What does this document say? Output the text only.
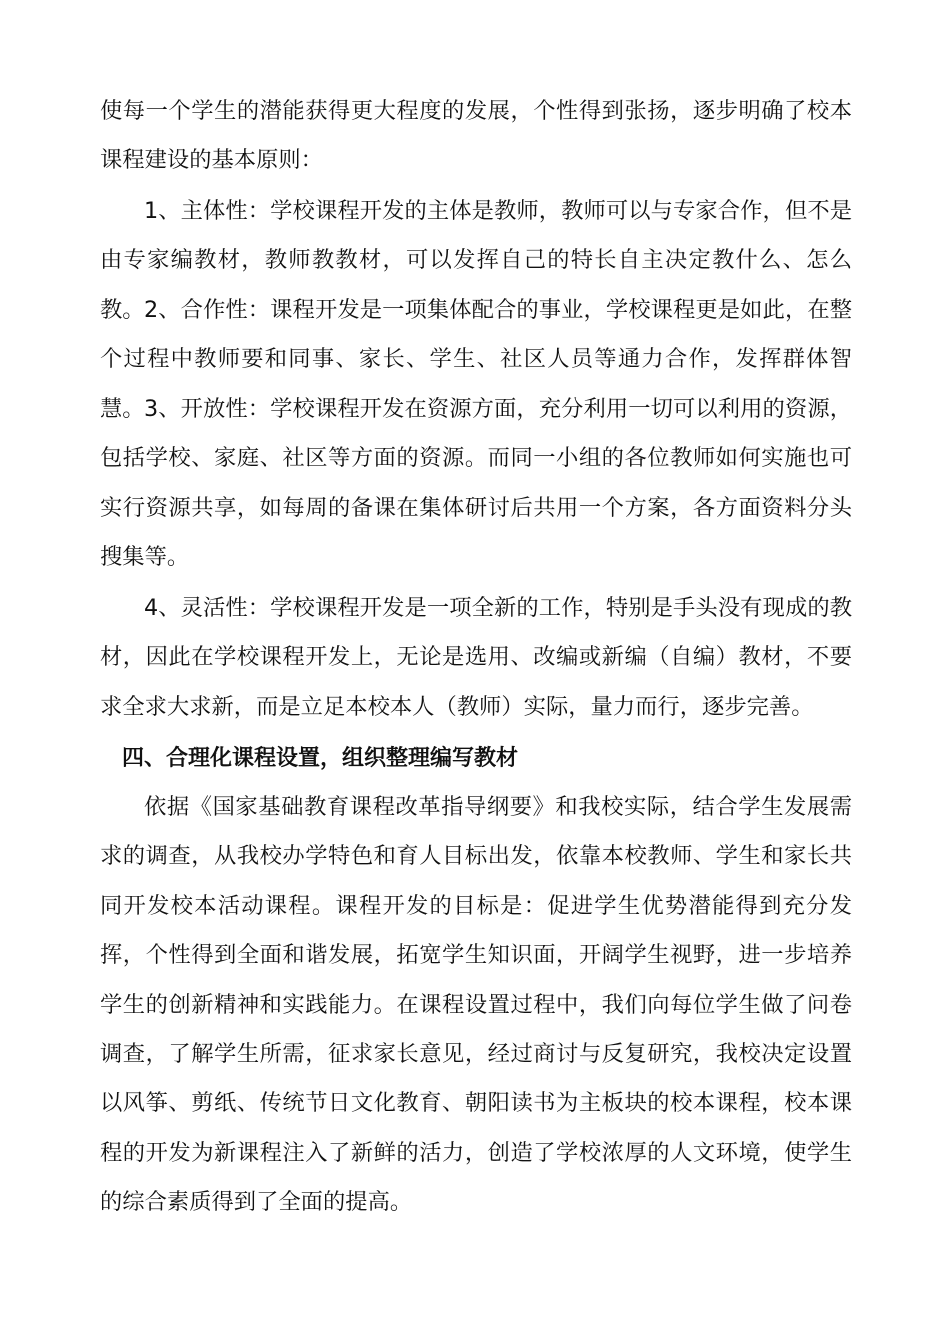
使每一个学生的潜能获得更大程度的发展，个性得到张扬，逐步明确了校本课程建设的基本原则：

1、主体性：学校课程开发的主体是教师，教师可以与专家合作，但不是由专家编教材，教师教教材，可以发挥自己的特长自主决定教什么、怎么教。 2、合作性：课程开发是一项集体配合的事业，学校课程更是如此，在整个过程中教师要和同事、家长、学生、社区人员等通力合作，发挥群体智慧。 3、开放性：学校课程开发在资源方面，充分利用一切可以利用的资源，包括学校、家庭、社区等方面的资源。而同一小组的各位教师如何实施也可实行资源共享，如每周的备课在集体研讨后共用一个方案，各方面资料分头搜集等。

4、灵活性：学校课程开发是一项全新的工作，特别是手头没有现成的教材，因此在学校课程开发上，无论是选用、改编或新编（自编）教材，不要求全求大求新，而是立足本校本人（教师）实际，量力而行，逐步完善。

四、合理化课程设置，组织整理编写教材

依据《国家基础教育课程改革指导纲要》和我校实际，结合学生发展需求的调查，从我校办学特色和育人目标出发，依靠本校教师、学生和家长共同开发校本活动课程。课程开发的目标是：促进学生优势潜能得到充分发挥，个性得到全面和谐发展，拓宽学生知识面，开阔学生视野，进一步培养学生的创新精神和实践能力。在课程设置过程中，我们向每位学生做了问卷调查，了解学生所需，征求家长意见，经过商讨与反复研究，我校决定设置以风筝、剪纸、传统节日文化教育、朝阳读书为主板块的校本课程，校本课程的开发为新课程注入了新鲜的活力，创造了学校浓厚的人文环境，使学生的综合素质得到了全面的提高。
